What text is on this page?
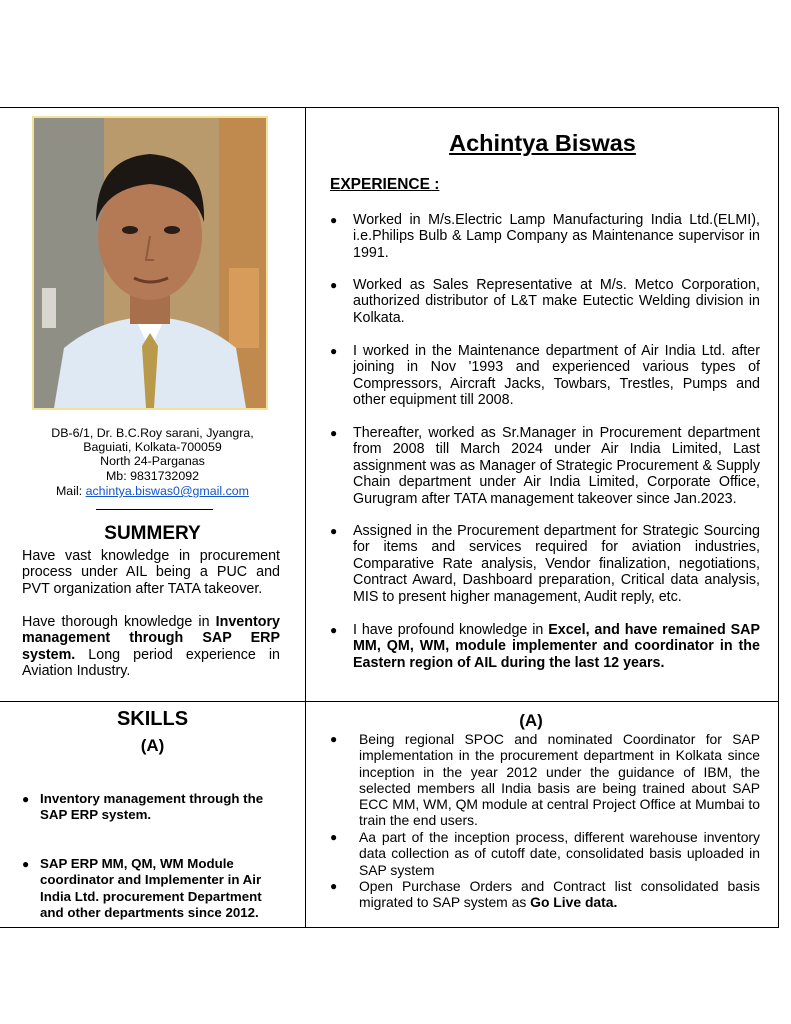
DB-6/1, Dr. B.C.Roy sarani, Jyangra,
Baguiati, Kolkata-700059
North 24-Parganas
Mb: 9831732092
Mail: achintya.biswas0@gmail.com
SUMMERY
Have vast knowledge in procurement process under AIL being a PUC and PVT organization after TATA takeover.
Have thorough knowledge in Inventory management through SAP ERP system. Long period experience in Aviation Industry.
Achintya Biswas
EXPERIENCE :
● Worked in M/s.Electric Lamp Manufacturing India Ltd.(ELMI), i.e.Philips Bulb & Lamp Company as Maintenance supervisor in 1991.
● Worked as Sales Representative at M/s. Metco Corporation, authorized distributor of L&T make Eutectic Welding division in Kolkata.
● I worked in the Maintenance department of Air India Ltd. after joining in Nov '1993 and experienced various types of Compressors, Aircraft Jacks, Towbars, Trestles, Pumps and other equipment till 2008.
● Thereafter, worked as Sr.Manager in Procurement department from 2008 till March 2024 under Air India Limited, Last assignment was as Manager of Strategic Procurement & Supply Chain department under Air India Limited, Corporate Office, Gurugram after TATA management takeover since Jan.2023.
● Assigned in the Procurement department for Strategic Sourcing for items and services required for aviation industries, Comparative Rate analysis, Vendor finalization, negotiations, Contract Award, Dashboard preparation, Critical data analysis, MIS to present higher management, Audit reply, etc.
● I have profound knowledge in Excel, and have remained SAP MM, QM, WM, module implementer and coordinator in the Eastern region of AIL during the last 12 years.
SKILLS
(A)
● Inventory management through the SAP ERP system.
● SAP ERP MM, QM, WM Module coordinator and Implementer in Air India Ltd. procurement Department and other departments since 2012.
(A)
● Being regional SPOC and nominated Coordinator for SAP implementation in the procurement department in Kolkata since inception in the year 2012 under the guidance of IBM, the selected members all India basis are being trained about SAP ECC MM, WM, QM module at central Project Office at Mumbai to train the end users.
● Aa part of the inception process, different warehouse inventory data collection as of cutoff date, consolidated basis uploaded in SAP system
● Open Purchase Orders and Contract list consolidated basis migrated to SAP system as Go Live data.
